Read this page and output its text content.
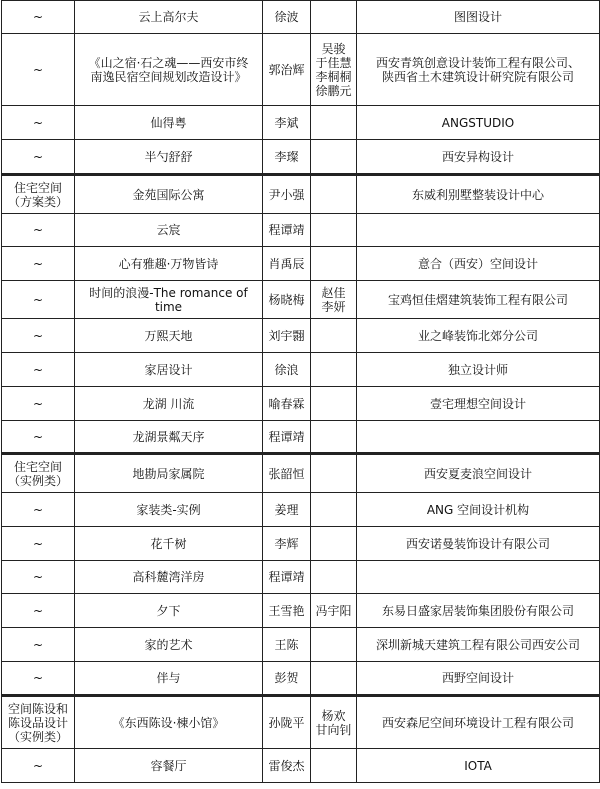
~	云上高尔夫	徐波		图图设计
~	《山之宿·石之魂——西安市终
南逸民宿空间规划改造设计》	郭治辉	吴骏
于佳慧
李桐桐
徐鹏元	西安青筑创意设计装饰工程有限公司、
陕西省土木建筑设计研究院有限公司
~	仙得粤	李斌		ANGSTUDIO
~	半勺舒舒	李璨		西安异构设计
住宅空间
（方案类）	金苑国际公寓	尹小强		东威利别墅整装设计中心
~	云宸	程谭靖		
~	心有雅趣·万物皆诗	肖禹辰		意合（西安）空间设计
~	时间的浪漫-The romance of
time	杨晓梅	赵佳
李妍	宝鸡恒佳熠建筑装饰工程有限公司
~	万熙天地	刘宇翾		业之峰装饰北郊分公司
~	家居设计	徐浪		独立设计师
~	龙湖 川流	喻春霖		壹宅理想空间设计
~	龙湖景粼天序	程谭靖		
住宅空间
（实例类）	地勘局家属院	张韶恒		西安夏麦浪空间设计
~	家装类-实例	姜理		ANG 空间设计机构
~	花千树	李辉		西安诺曼装饰设计有限公司
~	高科麓湾洋房	程谭靖		
~	夕下	王雪艳	冯宇阳	东易日盛家居装饰集团股份有限公司
~	家的艺术	王陈		深圳新城天建筑工程有限公司西安公司
~	伴与	彭贺		西野空间设计
空间陈设和
陈设品设计
（实例类）	《东西陈设·棟小馆》	孙陇平	杨欢
甘向钊	西安森尼空间环境设计工程有限公司
~	容餐厅	雷俊杰		IOTA
